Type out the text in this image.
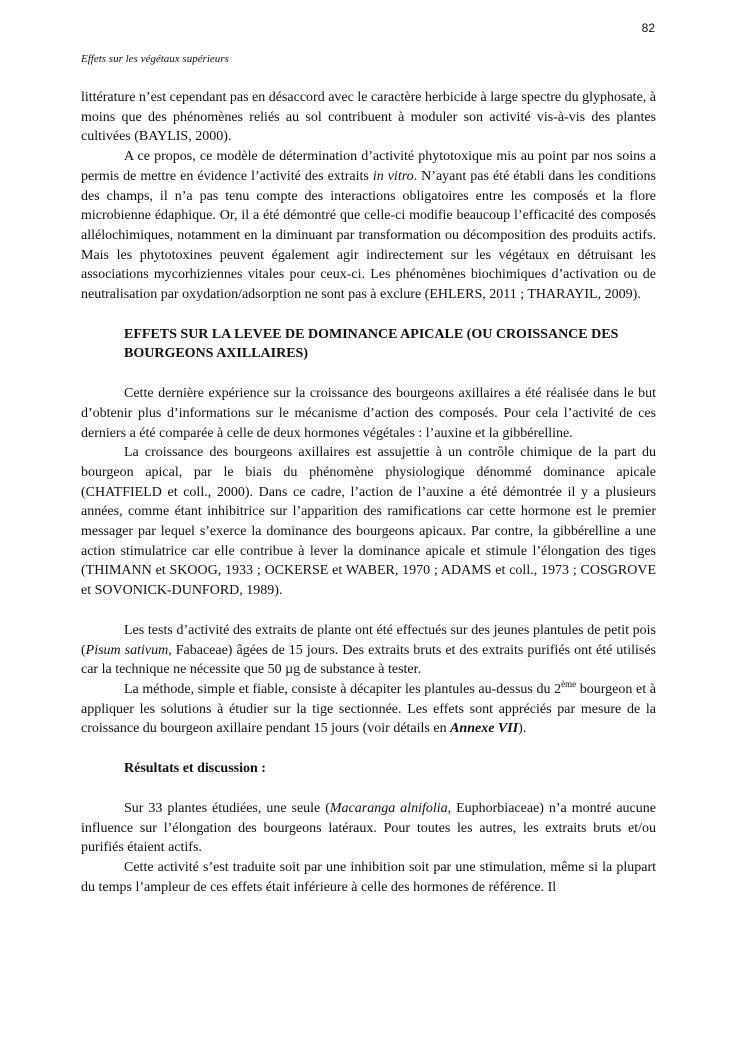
82
Effets sur les végétaux supérieurs

littérature n’est cependant pas en désaccord avec le caractère herbicide à large spectre du glyphosate, à moins que des phénomènes reliés au sol contribuent à moduler son activité vis-à-vis des plantes cultivées (BAYLIS, 2000).

A ce propos, ce modèle de détermination d’activité phytotoxique mis au point par nos soins a permis de mettre en évidence l’activité des extraits in vitro. N’ayant pas été établi dans les conditions des champs, il n’a pas tenu compte des interactions obligatoires entre les composés et la flore microbienne édaphique. Or, il a été démontré que celle-ci modifie beaucoup l’efficacité des composés allélochimiques, notamment en la diminuant par transformation ou décomposition des produits actifs. Mais les phytotoxines peuvent également agir indirectement sur les végétaux en détruisant les associations mycorhiziennes vitales pour ceux-ci. Les phénomènes biochimiques d’activation ou de neutralisation par oxydation/adsorption ne sont pas à exclure (EHLERS, 2011 ; THARAYIL, 2009).

EFFETS SUR LA LEVEE DE DOMINANCE APICALE (OU CROISSANCE DES BOURGEONS AXILLAIRES)

Cette dernière expérience sur la croissance des bourgeons axillaires a été réalisée dans le but d’obtenir plus d’informations sur le mécanisme d’action des composés. Pour cela l’activité de ces derniers a été comparée à celle de deux hormones végétales : l’auxine et la gibbérelline.

La croissance des bourgeons axillaires est assujettie à un contrôle chimique de la part du bourgeon apical, par le biais du phénomène physiologique dénommé dominance apicale (CHATFIELD et coll., 2000). Dans ce cadre, l’action de l’auxine a été démontrée il y a plusieurs années, comme étant inhibitrice sur l’apparition des ramifications car cette hormone est le premier messager par lequel s’exerce la dominance des bourgeons apicaux. Par contre, la gibbérelline a une action stimulatrice car elle contribue à lever la dominance apicale et stimule l’élongation des tiges (THIMANN et SKOOG, 1933 ; OCKERSE et WABER, 1970 ; ADAMS et coll., 1973 ; COSGROVE et SOVONICK-DUNFORD, 1989).

Les tests d’activité des extraits de plante ont été effectués sur des jeunes plantules de petit pois (Pisum sativum, Fabaceae) âgées de 15 jours. Des extraits bruts et des extraits purifiés ont été utilisés car la technique ne nécessite que 50 µg de substance à tester.

La méthode, simple et fiable, consiste à décapiter les plantules au-dessus du 2ème bourgeon et à appliquer les solutions à étudier sur la tige sectionnée. Les effets sont appréciés par mesure de la croissance du bourgeon axillaire pendant 15 jours (voir détails en Annexe VII).

Résultats et discussion :

Sur 33 plantes étudiées, une seule (Macaranga alnifolia, Euphorbiaceae) n’a montré aucune influence sur l’élongation des bourgeons latéraux. Pour toutes les autres, les extraits bruts et/ou purifiés étaient actifs.

Cette activité s’est traduite soit par une inhibition soit par une stimulation, même si la plupart du temps l’ampleur de ces effets était inférieure à celle des hormones de référence. Il
